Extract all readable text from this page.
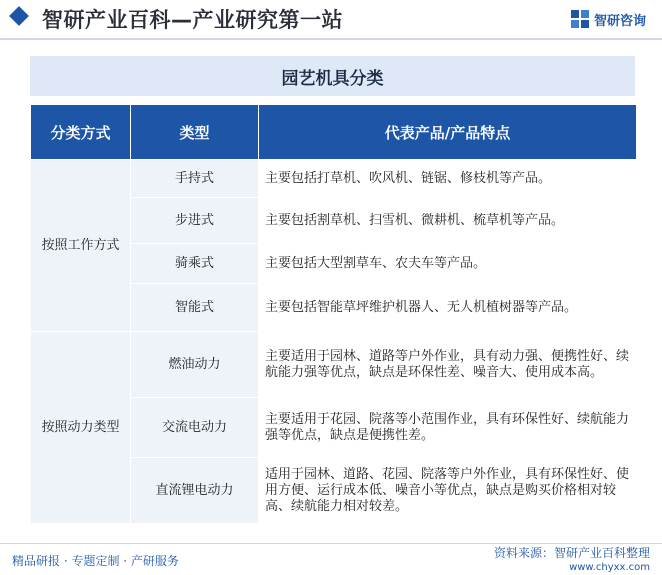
智研产业百科—产业研究第一站	智研咨询
园艺机具分类
分类方式	类型	代表产品/产品特点
按照工作方式	手持式	主要包括打草机、吹风机、链锯、修枝机等产品。
	步进式	主要包括割草机、扫雪机、微耕机、梳草机等产品。
	骑乘式	主要包括大型割草车、农夫车等产品。
	智能式	主要包括智能草坪维护机器人、无人机植树器等产品。
按照动力类型	燃油动力	主要适用于园林、道路等户外作业，具有动力强、便携性好、续航能力强等优点，缺点是环保性差、噪音大、使用成本高。
	交流电动力	主要适用于花园、院落等小范围作业，具有环保性好、续航能力强等优点，缺点是便携性差。
	直流锂电动力	适用于园林、道路、花园、院落等户外作业，具有环保性好、使用方便、运行成本低、噪音小等优点，缺点是购买价格相对较高、续航能力相对较差。
精品研报 · 专题定制 · 产研服务
资料来源：智研产业百科整理
www.chyxx.com
